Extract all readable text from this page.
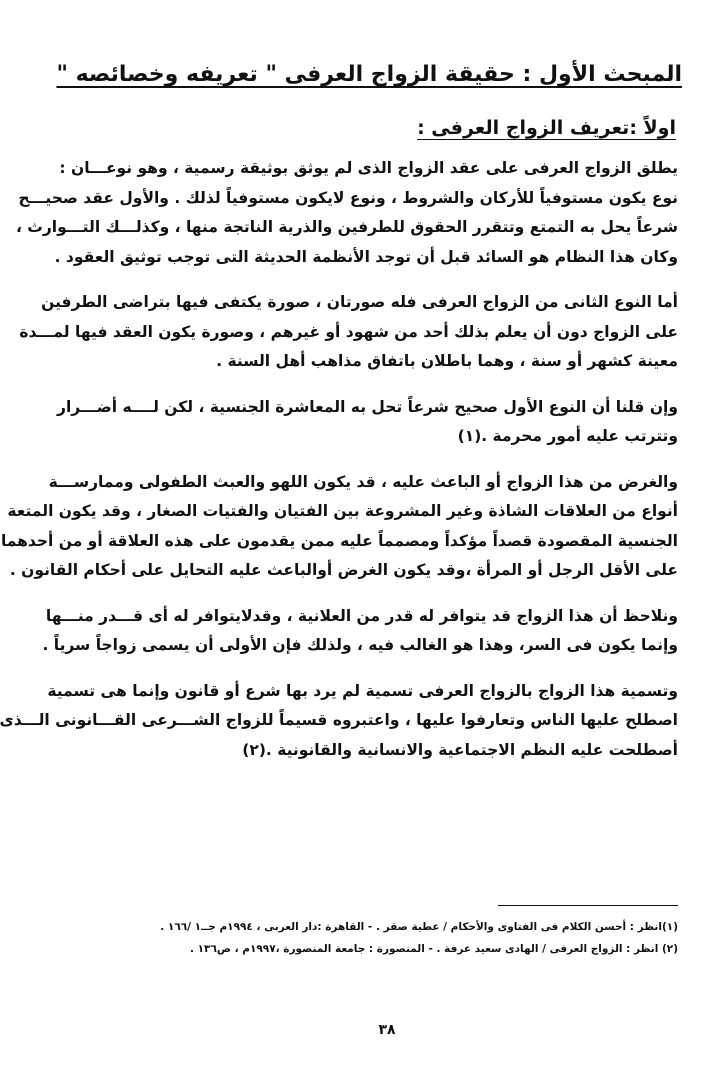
المبحث الأول : حقيقة الزواج العرفى " تعريفه وخصائصه "
اولاً :تعريف الزواج العرفى :
يطلق الزواج العرفى على عقد الزواج الذى لم يوثق بوثيقة رسمية ، وهو نوعـــان :
نوع يكون مستوفياً للأركان والشروط ، ونوع لايكون مستوفياً لذلك . والأول عقد صحيـــح
شرعاً يحل به التمتع وتتقرر الحقوق للطرفين والذرية الناتجة منها ، وكذلـــك التـــوارث ،
وكان هذا النظام هو السائد قبل أن توجد الأنظمة الحديثة التى توجب توثيق العقود .
أما النوع الثانى من الزواج العرفى فله صورتان ، صورة يكتفى فيها بتراضى الطرفين
على الزواج دون أن يعلم بذلك أحد من شهود أو غيرهم ، وصورة يكون العقد فيها لمـــدة
معينة كشهر أو سنة ، وهما باطلان باتفاق مذاهب أهل السنة .
وإن قلنا أن النوع الأول صحيح شرعاً تحل به المعاشرة الجنسية ، لكن لــــه أضـــرار
وتترتب عليه أمور محرمة .(١)
والغرض من هذا الزواج أو الباعث عليه ، قد يكون اللهو والعبث الطفولى وممارســـة
أنواع من العلاقات الشاذة وغير المشروعة بين الفتيان والفتيات الصغار ، وقد يكون المتعة
الجنسية المقصودة قصداً مؤكداً ومصمماً عليه ممن يقدمون على هذه العلاقة أو من أحدهما
على الأقل الرجل أو المرأة ،وقد يكون الغرض أوالباعث عليه التحايل على أحكام القانون .
ونلاحظ أن هذا الزواج قد يتوافر له قدر من العلانية ، وقدلايتوافر له أى قـــدر منـــها
وإنما يكون فى السر، وهذا هو الغالب فيه ، ولذلك فإن الأولى أن يسمى زواجاً سرياً .
وتسمية هذا الزواج بالزواج العرفى تسمية لم يرد بها شرع أو قانون وإنما هى تسمية
اصطلح عليها الناس وتعارفوا عليها ، واعتبروه قسيماً للزواج الشـــرعى القـــانونى الـــذى
أصطلحت عليه النظم الاجتماعية والانسانية والقانونية .(٢)
(١)انظر : أحسن الكلام فى الفتاوى والأحكام / عطية صقر . - القاهرة :دار العربى ، ١٩٩٤م جــ١ /١٦٦ .
(٢) انظر : الزواج العرفى / الهادى سعيد عرفة . - المنصورة : جامعة المنصورة ،١٩٩٧م ، ص١٣٦ .
٣٨
